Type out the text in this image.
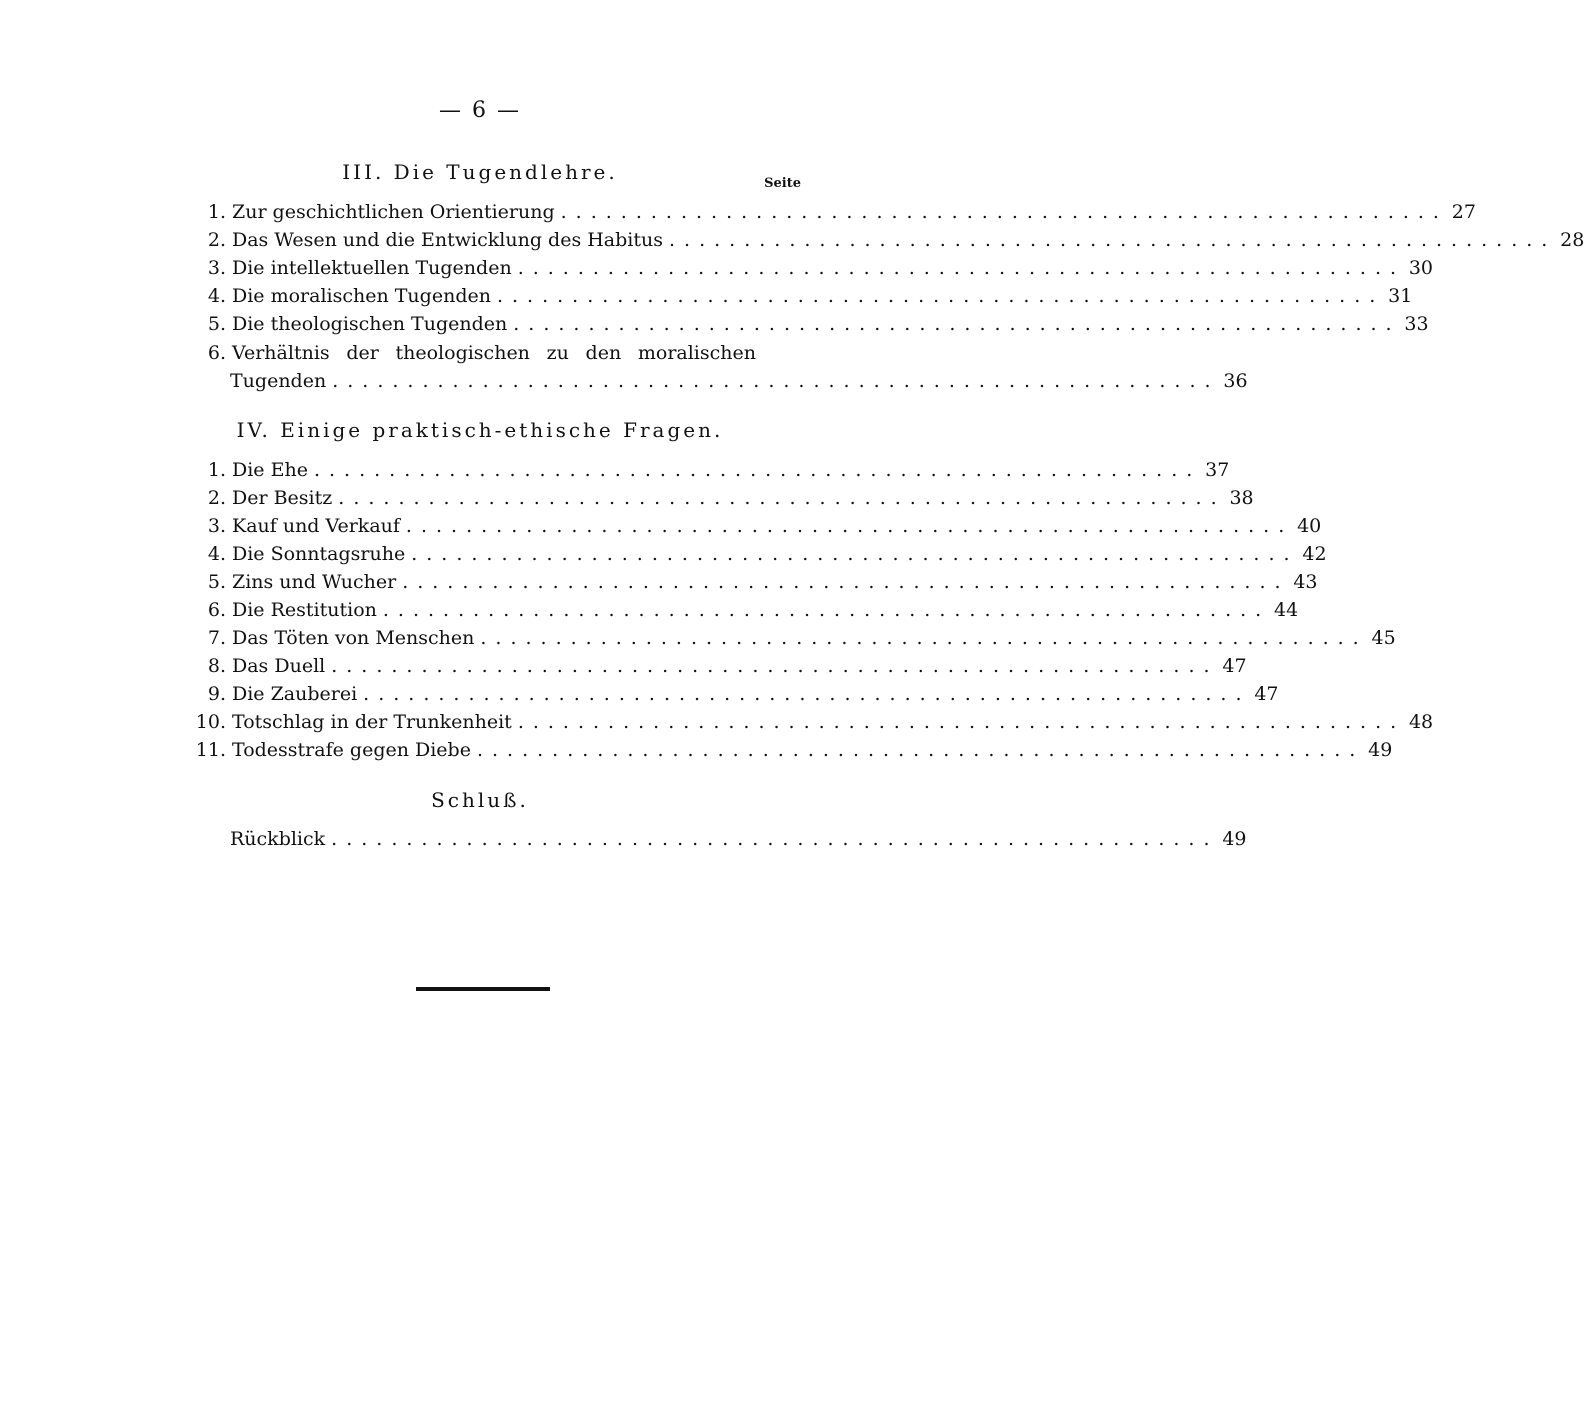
— 6 —
III. Die Tugendlehre.	Seite
1. Zur geschichtlichen Orientierung ........................................................... 27
2. Das Wesen und die Entwicklung des Habitus ........................................................... 28
3. Die intellektuellen Tugenden ........................................................... 30
4. Die moralischen Tugenden ........................................................... 31
5. Die theologischen Tugenden ........................................................... 33
6. Verhältnis der theologischen zu den moralischen
Tugenden ........................................................... 36
IV. Einige praktisch-ethische Fragen.
1. Die Ehe ........................................................... 37
2. Der Besitz ........................................................... 38
3. Kauf und Verkauf ........................................................... 40
4. Die Sonntagsruhe ........................................................... 42
5. Zins und Wucher ........................................................... 43
6. Die Restitution ........................................................... 44
7. Das Töten von Menschen ........................................................... 45
8. Das Duell ........................................................... 47
9. Die Zauberei ........................................................... 47
10. Totschlag in der Trunkenheit ........................................................... 48
11. Todesstrafe gegen Diebe ........................................................... 49
Schluß.
Rückblick ........................................................... 49
